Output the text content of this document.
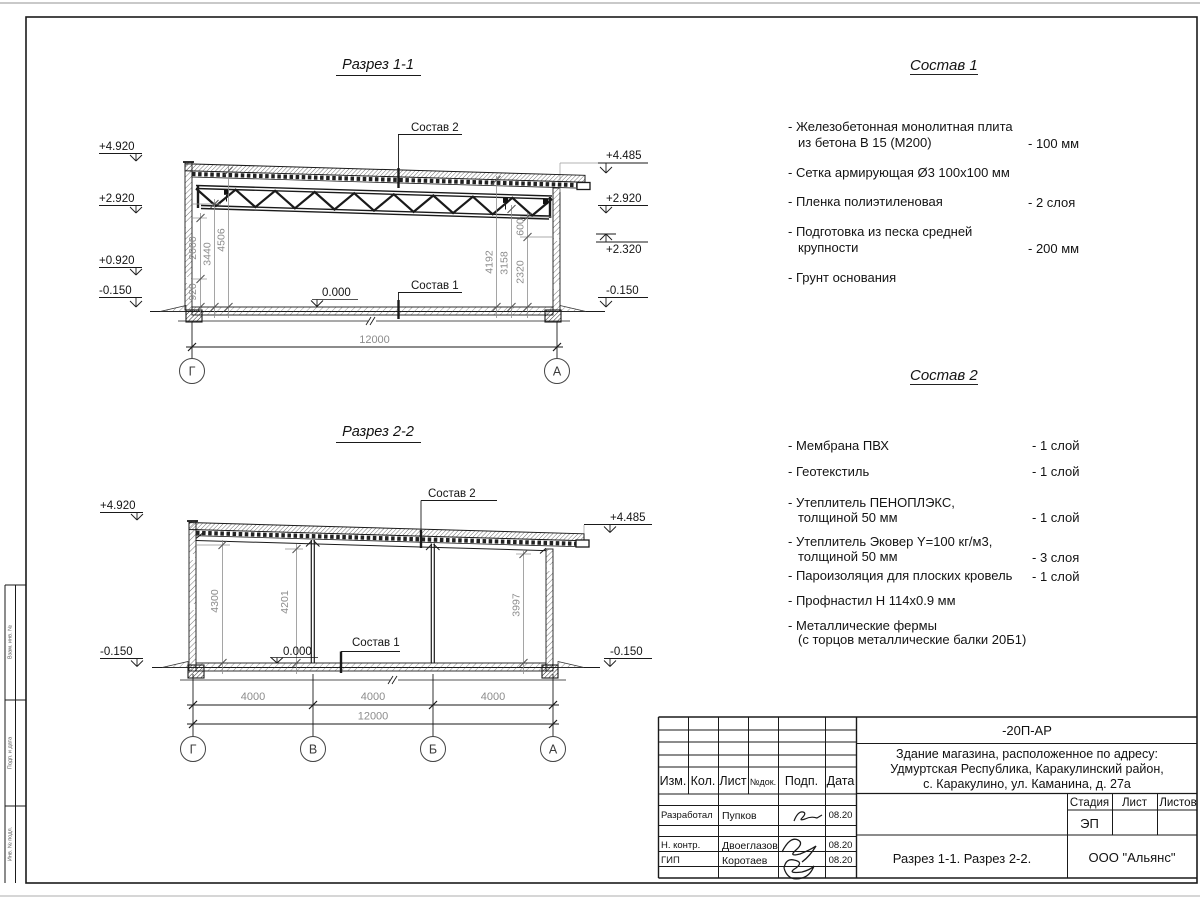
Взам. инв. №
Подп. и дата
Инв. № подл.
Разрез 1-1
920
2000 3440
4506
4192 3158 2320
600
12000
Г	А
Состав 2
Состав 1
0.000
+4.920
+2.920
+0.920
-0.150
+4.485
+2.920
+2.320
-0.150
Разрез 2-2
4300	4201	3997
Состав 2
Состав 1
0.000
+4.920
-0.150
+4.485
-0.150
4000	4000	4000
12000
Г	В	Б	А
Состав 1
- Железобетонная монолитная плита
из бетона В 15 (М200)	- 100 мм
- Сетка армирующая Ø3 100х100 мм
- Пленка полиэтиленовая	- 2 слоя
- Подготовка из песка средней
крупности	- 200 мм
- Грунт основания
Состав 2
- Мембрана ПВХ	- 1 слой
- Геотекстиль	- 1 слой
- Утеплитель ПЕНОПЛЭКС,
толщиной 50 мм	- 1 слой
- Утеплитель Эковер Y=100 кг/м3,
толщиной 50 мм	- 3 слоя
- Пароизоляция для плоских кровель - 1 слой
- Профнастил Н 114х0.9 мм
- Металлические фермы
(с торцов металлические балки 20Б1)
-20П-АР
Здание магазина, расположенное по адресу:
Удмуртская Республика, Каракулинский район,
с. Каракулино, ул. Каманина, д. 27а
Изм. Кол. Лист №док. Подп. Дата
Разработал Пупков	08.20
Н. контр. Двоеглазов	08.20
ГИП	Коротаев	08.20
Стадия	Лист	Листов
ЭП
Разрез 1-1. Разрез 2-2.	ООО "Альянс"
